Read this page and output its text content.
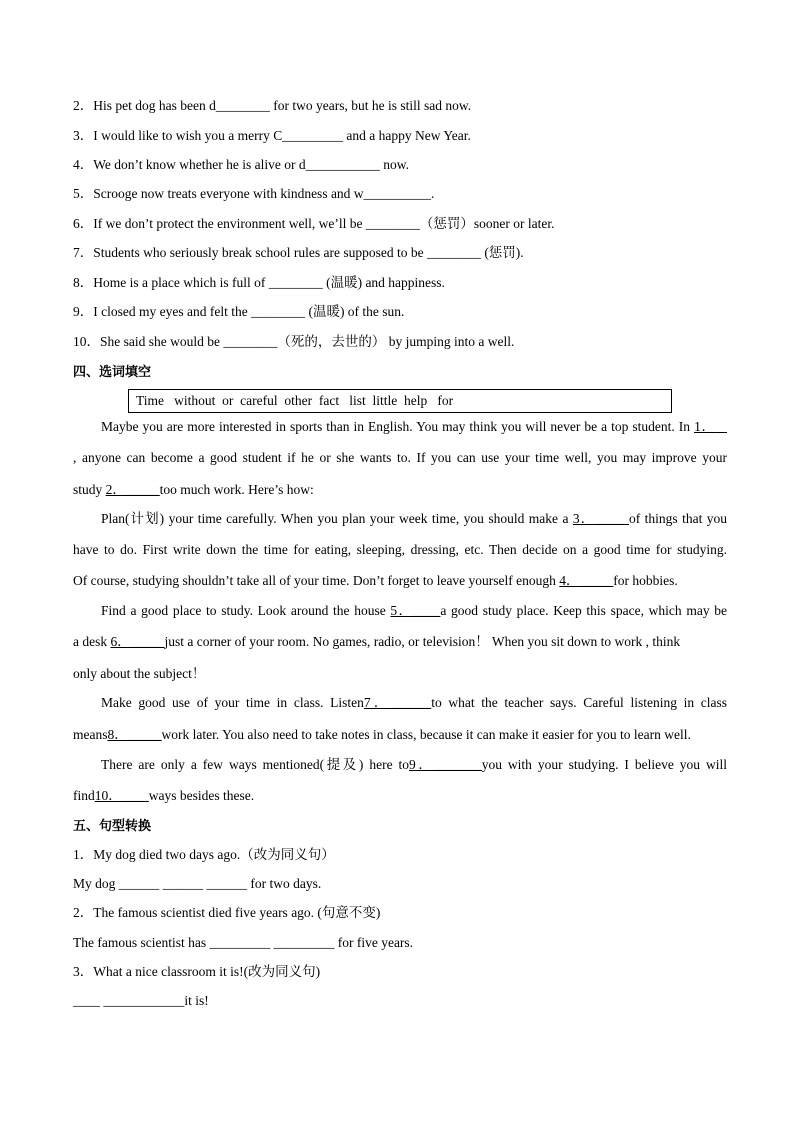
2．His pet dog has been d________ for two years, but he is still sad now.
3．I would like to wish you a merry C_________ and a happy New Year.
4．We don’t know whether he is alive or d___________ now.
5．Scrooge now treats everyone with kindness and w__________.
6．If we don’t protect the environment well, we’ll be ________（惩罚）sooner or later.
7．Students who seriously break school rules are supposed to be ________ (惩罚).
8．Home is a place which is full of ________ (温暖) and happiness.
9．I closed my eyes and felt the ________ (温暖) of the sun.
10．She said she would be ________（死的，去世的） by jumping into a well.
四、选词填空
Time   without  or  careful  other  fact   list  little  help   for
Maybe you are more interested in sports than in English. You may think you will never be a top student. In 1．
, anyone can become a good student if he or she wants to. If you can use your time well, you may improve your
study 2．_____too much work. Here’s how:
Plan(计划) your time carefully. When you plan your week time, you should make a 3．_____of things that you
have to do. First write down the time for eating, sleeping, dressing, etc. Then decide on a good time for studying.
Of course, studying shouldn’t take all of your time. Don’t forget to leave yourself enough 4．_____for hobbies.
Find a good place to study. Look around the house 5．____a good study place. Keep this space, which may be
a desk 6．_____just a corner of your room. No games, radio, or television！ When you sit down to work , think
only about the subject！
Make good use of your time in class. Listen7．______to what the teacher says. Careful listening in class
means8．_____work later. You also need to take notes in class, because it can make it easier for you to learn well.
There are only a few ways mentioned(提及) here to9．_______you with your studying. I believe you will
find10．____ways besides these.
五、句型转换
1．My dog died two days ago.（改为同义句）
My dog ______ ______ ______ for two days.
2．The famous scientist died five years ago. (句意不变)
The famous scientist has _________ _________ for five years.
3．What a nice classroom it is!(改为同义句)
____ ____________it is!
